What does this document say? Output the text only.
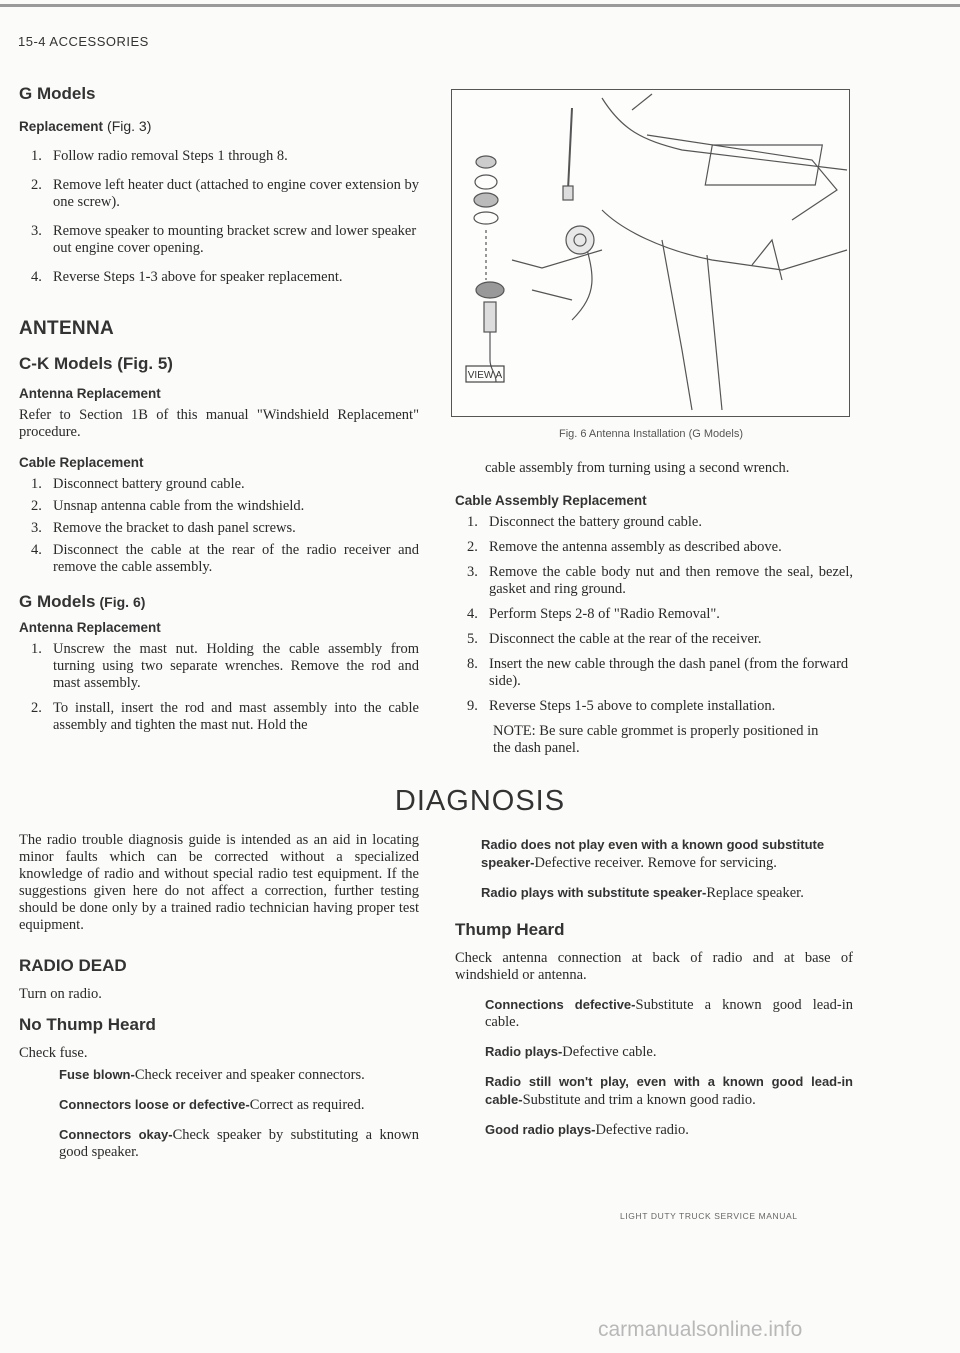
15-4 ACCESSORIES
G Models
Replacement (Fig. 3)
1. Follow radio removal Steps 1 through 8.
2. Remove left heater duct (attached to engine cover extension by one screw).
3. Remove speaker to mounting bracket screw and lower speaker out engine cover opening.
4. Reverse Steps 1-3 above for speaker replacement.
ANTENNA
C-K Models (Fig. 5)
Antenna Replacement

Refer to Section 1B of this manual "Windshield Replacement" procedure.

Cable Replacement
1. Disconnect battery ground cable.
2. Unsnap antenna cable from the windshield.
3. Remove the bracket to dash panel screws.
4. Disconnect the cable at the rear of the radio receiver and remove the cable assembly.
G Models (Fig. 6)
Antenna Replacement
1. Unscrew the mast nut. Holding the cable assembly from turning using two separate wrenches. Remove the rod and mast assembly.
2. To install, insert the rod and mast assembly into the cable assembly and tighten the mast nut. Hold the
VIEW A
Fig. 6 Antenna Installation (G Models)

cable assembly from turning using a second wrench.

Cable Assembly Replacement
1. Disconnect the battery ground cable.
2. Remove the antenna assembly as described above.
3. Remove the cable body nut and then remove the seal, bezel, gasket and ring ground.
4. Perform Steps 2-8 of "Radio Removal".
5. Disconnect the cable at the rear of the receiver.
8. Insert the new cable through the dash panel (from the forward side).
9. Reverse Steps 1-5 above to complete installation.

NOTE: Be sure cable grommet is properly positioned in the dash panel.

DIAGNOSIS

The radio trouble diagnosis guide is intended as an aid in locating minor faults which can be corrected without a specialized knowledge of radio and without special radio test equipment. If the suggestions given here do not affect a correction, further testing should be done only by a trained radio technician having proper test equipment.

RADIO DEAD

Turn on radio.

No Thump Heard

Check fuse.

Fuse blown-Check receiver and speaker connectors.

Connectors loose or defective-Correct as required.

Connectors okay-Check speaker by substituting a known good speaker.

Radio does not play even with a known good substitute speaker-Defective receiver. Remove for servicing.

Radio plays with substitute speaker-Replace speaker.

Thump Heard

Check antenna connection at back of radio and at base of windshield or antenna.

Connections defective-Substitute a known good lead-in cable.

Radio plays-Defective cable.

Radio still won't play, even with a known good lead-in cable-Substitute and trim a known good radio.

Good radio plays-Defective radio.

LIGHT DUTY TRUCK SERVICE MANUAL
carmanualsonline.info
